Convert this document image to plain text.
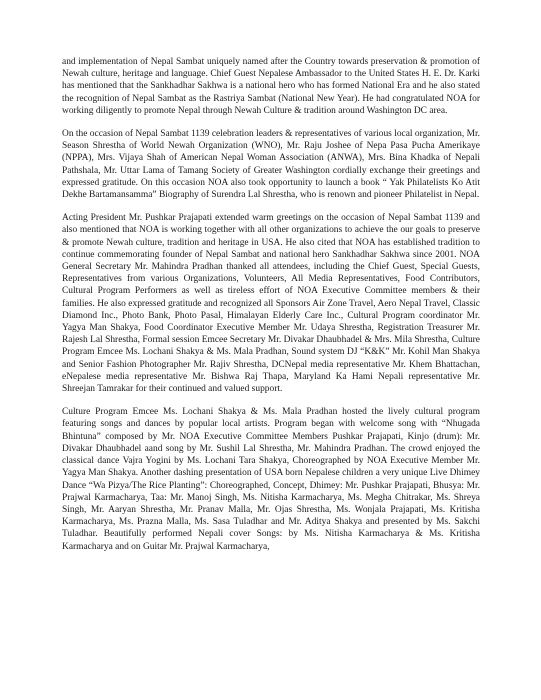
and implementation of Nepal Sambat uniquely named after the Country towards preservation & promotion of Newah culture, heritage and language. Chief Guest Nepalese Ambassador to the United States H. E. Dr. Karki has mentioned that the Sankhadhar Sakhwa is a national hero who has formed National Era and he also stated the recognition of Nepal Sambat as the Rastriya Sambat (National New Year). He had congratulated NOA for working diligently to promote Nepal through Newah Culture & tradition around Washington DC area.

On the occasion of Nepal Sambat 1139 celebration leaders & representatives of various local organization, Mr. Season Shrestha of World Newah Organization (WNO), Mr. Raju Joshee of Nepa Pasa Pucha Amerikaye (NPPA), Mrs. Vijaya Shah of American Nepal Woman Association (ANWA), Mrs. Bina Khadka of Nepali Pathshala, Mr. Uttar Lama of Tamang Society of Greater Washington cordially exchange their greetings and expressed gratitude. On this occasion NOA also took opportunity to launch a book “ Yak Philatelists Ko Atit Dekhe Bartamansamma” Biography of Surendra Lal Shrestha, who is renown and pioneer Philatelist in Nepal.

Acting President Mr. Pushkar Prajapati extended warm greetings on the occasion of Nepal Sambat 1139 and also mentioned that NOA is working together with all other organizations to achieve the our goals to preserve & promote Newah culture, tradition and heritage in USA. He also cited that NOA has established tradition to continue commemorating founder of Nepal Sambat and national hero Sankhadhar Sakhwa since 2001. NOA General Secretary Mr. Mahindra Pradhan thanked all attendees, including the Chief Guest, Special Guests, Representatives from various Organizations, Volunteers, All Media Representatives, Food Contributors, Cultural Program Performers as well as tireless effort of NOA Executive Committee members & their families. He also expressed gratitude and recognized all Sponsors Air Zone Travel, Aero Nepal Travel, Classic Diamond Inc., Photo Bank, Photo Pasal, Himalayan Elderly Care Inc., Cultural Program coordinator Mr. Yagya Man Shakya, Food Coordinator Executive Member Mr. Udaya Shrestha, Registration Treasurer Mr. Rajesh Lal Shrestha, Formal session Emcee Secretary Mr. Divakar Dhaubhadel & Mrs. Mila Shrestha, Culture Program Emcee Ms. Lochani Shakya & Ms. Mala Pradhan, Sound system DJ “K&K” Mr. Kohil Man Shakya and Senior Fashion Photographer Mr. Rajiv Shrestha, DCNepal media representative Mr. Khem Bhattachan, eNepalese media representative Mr. Bishwa Raj Thapa, Maryland Ka Hami Nepali representative Mr. Shreejan Tamrakar for their continued and valued support.

Culture Program Emcee Ms. Lochani Shakya & Ms. Mala Pradhan hosted the lively cultural program featuring songs and dances by popular local artists. Program began with welcome song with “Nhugada Bhintuna” composed by Mr. NOA Executive Committee Members Pushkar Prajapati, Kinjo (drum): Mr. Divakar Dhaubhadel aand song by Mr. Sushil Lal Shrestha, Mr. Mahindra Pradhan. The crowd enjoyed the classical dance Vajra Yogini by Ms. Lochani Tara Shakya, Choreographed by NOA Executive Member Mr. Yagya Man Shakya. Another dashing presentation of USA born Nepalese children a very unique Live Dhimey Dance “Wa Pizya/The Rice Planting”: Choreographed, Concept, Dhimey: Mr. Pushkar Prajapati, Bhusya: Mr. Prajwal Karmacharya, Taa: Mr. Manoj Singh, Ms. Nitisha Karmacharya, Ms. Megha Chitrakar, Ms. Shreya Singh, Mr. Aaryan Shrestha, Mr. Pranav Malla, Mr. Ojas Shrestha, Ms. Wonjala Prajapati, Ms. Kritisha Karmacharya, Ms. Prazna Malla, Ms. Sasa Tuladhar and Mr. Aditya Shakya and presented by Ms. Sakchi Tuladhar. Beautifully performed Nepali cover Songs: by Ms. Nitisha Karmacharya & Ms. Kritisha Karmacharya and on Guitar Mr. Prajwal Karmacharya,
